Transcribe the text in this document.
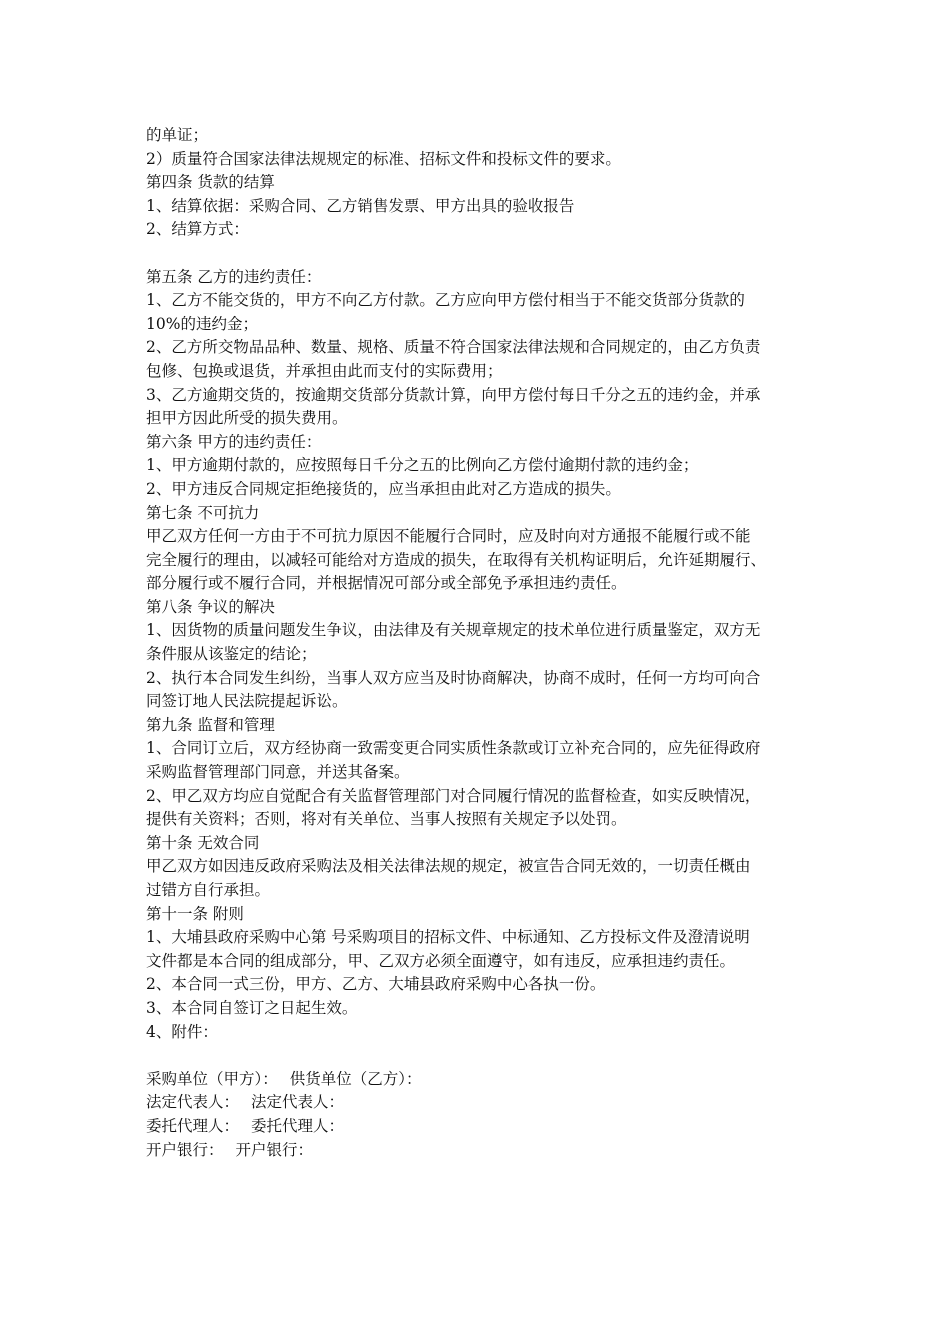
的单证；
2）质量符合国家法律法规规定的标准、招标文件和投标文件的要求。
第四条 货款的结算
1、结算依据：采购合同、乙方销售发票、甲方出具的验收报告
2、结算方式：
第五条 乙方的违约责任：
1、乙方不能交货的，甲方不向乙方付款。乙方应向甲方偿付相当于不能交货部分货款的
10%的违约金；
2、乙方所交物品品种、数量、规格、质量不符合国家法律法规和合同规定的，由乙方负责
包修、包换或退货，并承担由此而支付的实际费用；
3、乙方逾期交货的，按逾期交货部分货款计算，向甲方偿付每日千分之五的违约金，并承
担甲方因此所受的损失费用。
第六条 甲方的违约责任：
1、甲方逾期付款的，应按照每日千分之五的比例向乙方偿付逾期付款的违约金；
2、甲方违反合同规定拒绝接货的，应当承担由此对乙方造成的损失。
第七条 不可抗力
甲乙双方任何一方由于不可抗力原因不能履行合同时，应及时向对方通报不能履行或不能
完全履行的理由，以减轻可能给对方造成的损失，在取得有关机构证明后，允许延期履行、
部分履行或不履行合同，并根据情况可部分或全部免予承担违约责任。
第八条 争议的解决
1、因货物的质量问题发生争议，由法律及有关规章规定的技术单位进行质量鉴定，双方无
条件服从该鉴定的结论；
2、执行本合同发生纠纷，当事人双方应当及时协商解决，协商不成时，任何一方均可向合
同签订地人民法院提起诉讼。
第九条 监督和管理
1、合同订立后，双方经协商一致需变更合同实质性条款或订立补充合同的，应先征得政府
采购监督管理部门同意，并送其备案。
2、甲乙双方均应自觉配合有关监督管理部门对合同履行情况的监督检查，如实反映情况，
提供有关资料；否则，将对有关单位、当事人按照有关规定予以处罚。
第十条 无效合同
甲乙双方如因违反政府采购法及相关法律法规的规定，被宣告合同无效的，一切责任概由
过错方自行承担。
第十一条 附则
1、大埔县政府采购中心第 号采购项目的招标文件、中标通知、乙方投标文件及澄清说明
文件都是本合同的组成部分，甲、乙双方必须全面遵守，如有违反，应承担违约责任。
2、本合同一式三份，甲方、乙方、大埔县政府采购中心各执一份。
3、本合同自签订之日起生效。
4、附件：
采购单位（甲方）： 供货单位（乙方）：
法定代表人： 法定代表人：
委托代理人： 委托代理人：
开户银行： 开户银行：
